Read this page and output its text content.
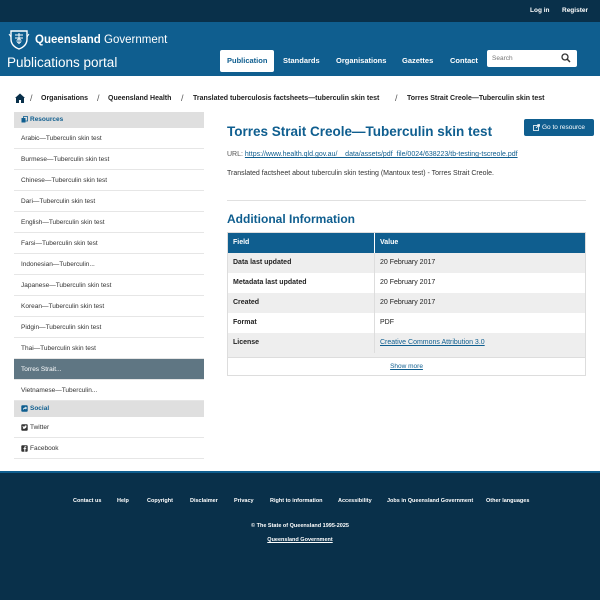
Log in Register
Queensland Government
Publications portal	Publication	Standards Organisations Gazettes Contact
Search
/ Organisations / Queensland Health / Translated tuberculosis factsheets—tuberculin skin test / Torres Strait Creole—Tuberculin skin test
Resources
Arabic—Tuberculin skin test
Burmese—Tuberculin skin test
Chinese—Tuberculin skin test
Dari—Tuberculin skin test
English—Tuberculin skin test
Farsi—Tuberculin skin test
Indonesian—Tuberculin...
Japanese—Tuberculin skin test
Korean—Tuberculin skin test
Pidgin—Tuberculin skin test
Thai—Tuberculin skin test
Torres Strait...
Vietnamese—Tuberculin...
Social
Twitter
Facebook
Torres Strait Creole—Tuberculin skin test	Go to resource
URL: https://www.health.qld.gov.au/__data/assets/pdf_file/0024/638223/tb-testing-tscreole.pdf

Translated factsheet about tuberculin skin testing (Mantoux test) - Torres Strait Creole.

Additional Information
Field	Value
Data last updated	20 February 2017
Metadata last updated	20 February 2017
Created	20 February 2017
Format	PDF
License	Creative Commons Attribution 3.0
Show more
Contact us	Help	Copyright	Disclaimer	Privacy	Right to information	Accessibility	Jobs in Queensland Government Other languages
© The State of Queensland 1995-2025
Queensland Government
